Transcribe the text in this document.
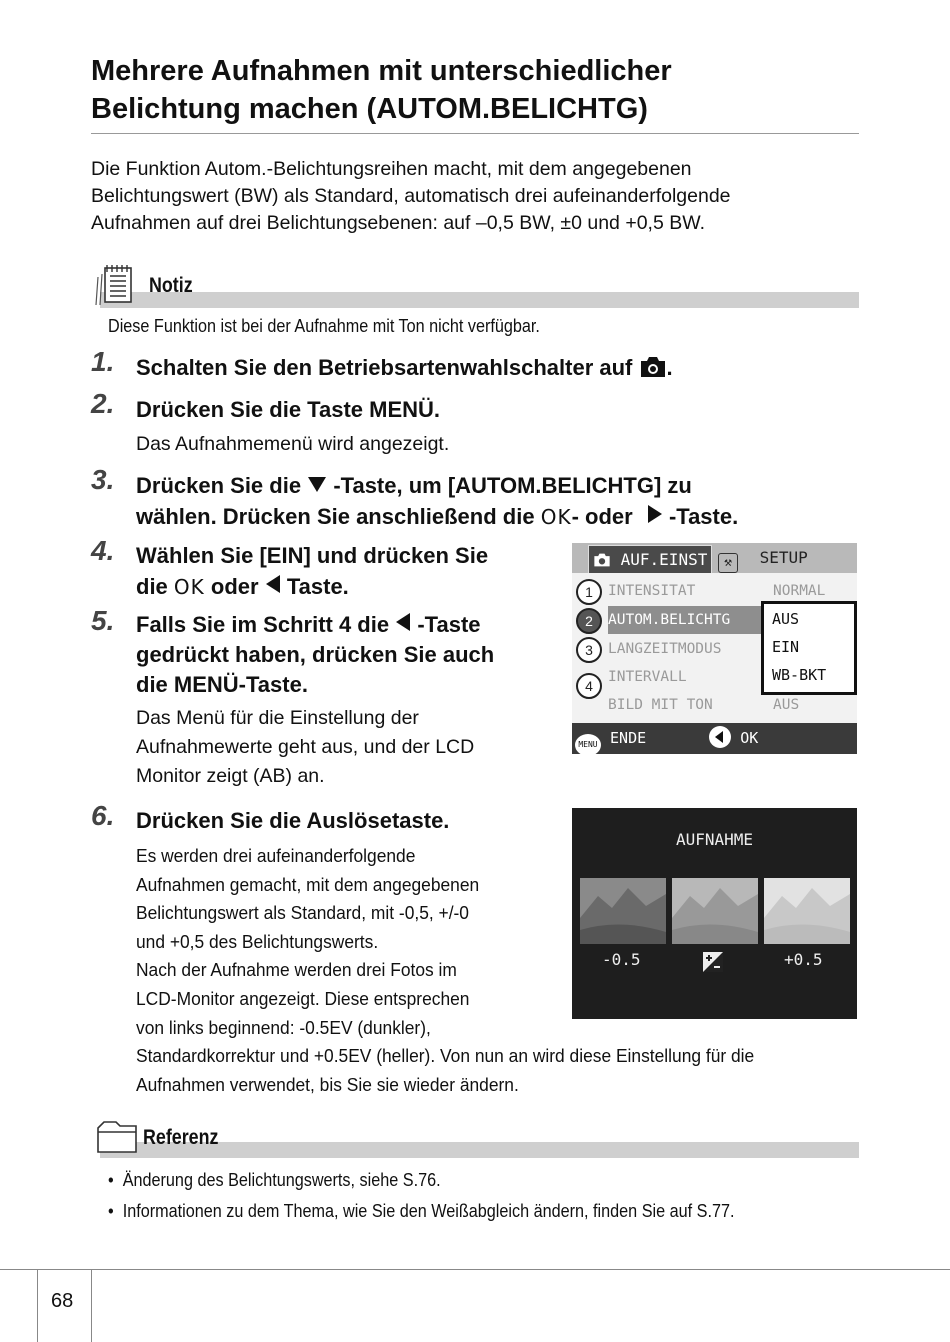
Mehrere Aufnahmen mit unterschiedlicher
Belichtung machen (AUTOM.BELICHTG)
Die Funktion Autom.-Belichtungsreihen macht, mit dem angegebenen
Belichtungswert (BW) als Standard, automatisch drei aufeinanderfolgende
Aufnahmen auf drei Belichtungsebenen: auf –0,5 BW, ±0 und +0,5 BW.
Notiz
Diese Funktion ist bei der Aufnahme mit Ton nicht verfügbar.
1. Schalten Sie den Betriebsartenwahlschalter auf .
2. Drücken Sie die Taste MENÜ.
Das Aufnahmemenü wird angezeigt.
3. Drücken Sie die -Taste, um [AUTOM.BELICHTG] zu
wählen. Drücken Sie anschließend die OK- oder -Taste.
4. Wählen Sie [EIN] und drücken Sie
die OK oder Taste.
5. Falls Sie im Schritt 4 die -Taste
gedrückt haben, drücken Sie auch
die MENÜ-Taste.
Das Menü für die Einstellung der
Aufnahmewerte geht aus, und der LCD
Monitor zeigt (AB) an.
AUF.EINST	⚒ SETUP
INTENSITAT	NORMAL
AUTOM.BELICHTG
LANGZEITMODUS
INTERVALL
BILD MIT TON	AUS
1
2
3
4
AUS
EIN
WB-BKT
MENU ENDE	OK
6. Drücken Sie die Auslösetaste.
Es werden drei aufeinanderfolgende
Aufnahmen gemacht, mit dem angegebenen
Belichtungswert als Standard, mit -0,5, +/-0
und +0,5 des Belichtungswerts.
Nach der Aufnahme werden drei Fotos im
LCD-Monitor angezeigt. Diese entsprechen
von links beginnend: -0.5EV (dunkler),
Standardkorrektur und +0.5EV (heller). Von nun an wird diese Einstellung für die
Aufnahmen verwendet, bis Sie sie wieder ändern.
AUFNAHME
-0.5	+0.5
Referenz
• Änderung des Belichtungswerts, siehe S.76.
• Informationen zu dem Thema, wie Sie den Weißabgleich ändern, finden Sie auf S.77.
68
